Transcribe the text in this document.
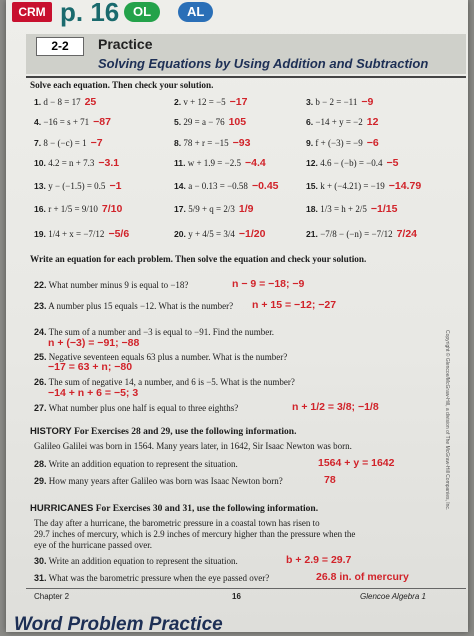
CRM p. 16	OL	AL
2-2	Practice
Solving Equations by Using Addition and Subtraction
Solve each equation. Then check your solution.
1. d − 8 = 17 25	2. v + 12 = −5 −17	3. b − 2 = −11 −9
4. −16 = s + 71 −87	5. 29 = a − 76 105	6. −14 + y = −2 12
7. 8 − (−c) = 1 −7	8. 78 + r = −15 −93	9. f + (−3) = −9 −6
10. 4.2 = n + 7.3 −3.1	11. w + 1.9 = −2.5 −4.4	12. 4.6 − (−b) = −0.4 −5
13. y − (−1.5) = 0.5 −1	14. a − 0.13 = −0.58 −0.45	15. k + (−4.21) = −19 −14.79
16. r + 1/5 = 9/10 7/10	17. 5/9 + q = 2/3 1/9	18. 1/3 = h + 2/5 −1/15
19. 1/4 + x = −7/12 −5/6	20. y + 4/5 = 3/4 −1/20	21. −7/8 − (−n) = −7/12 7/24
Write an equation for each problem. Then solve the equation and check your solution.
22. What number minus 9 is equal to −18?	n − 9 = −18; −9
23. A number plus 15 equals −12. What is the number? n + 15 = −12; −27
24. The sum of a number and −3 is equal to −91. Find the number.
n + (−3) = −91; −88
25. Negative seventeen equals 63 plus a number. What is the number?
−17 = 63 + n; −80
26. The sum of negative 14, a number, and 6 is −5. What is the number?
−14 + n + 6 = −5; 3
27. What number plus one half is equal to three eighths?	n + 1/2 = 3/8; −1/8
HISTORY For Exercises 28 and 29, use the following information.
Galileo Galilei was born in 1564. Many years later, in 1642, Sir Isaac Newton was born.
28. Write an addition equation to represent the situation.	1564 + y = 1642
29. How many years after Galileo was born was Isaac Newton born?	78
HURRICANES For Exercises 30 and 31, use the following information.
The day after a hurricane, the barometric pressure in a coastal town has risen to
29.7 inches of mercury, which is 2.9 inches of mercury higher than the pressure when the
eye of the hurricane passed over.
30. Write an addition equation to represent the situation.	b + 2.9 = 29.7
31. What was the barometric pressure when the eye passed over?	26.8 in. of mercury
Copyright © Glencoe/McGraw-Hill, a division of The McGraw-Hill Companies, Inc.
Chapter 2	16	Glencoe Algebra 1
Word Problem Practice
